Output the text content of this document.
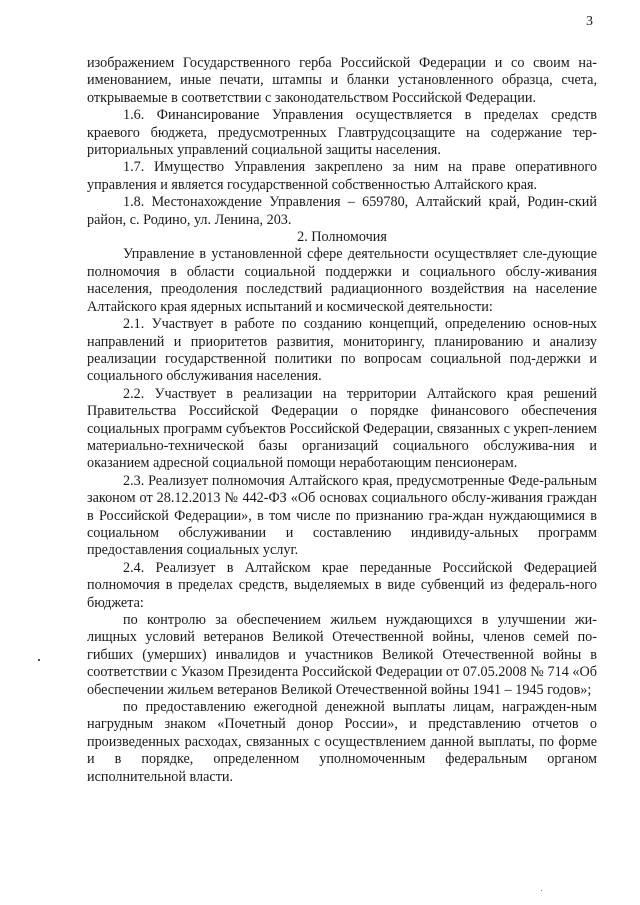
3

изображением Государственного герба Российской Федерации и со своим на-именованием, иные печати, штампы и бланки установленного образца, счета, открываемые в соответствии с законодательством Российской Федерации.

1.6. Финансирование Управления осуществляется в пределах средств краевого бюджета, предусмотренных Главтрудсоцзащите на содержание тер-риториальных управлений социальной защиты населения.

1.7. Имущество Управления закреплено за ним на праве оперативного управления и является государственной собственностью Алтайского края.

1.8. Местонахождение Управления – 659780, Алтайский край, Родин-ский район, с. Родино, ул. Ленина, 203.

2. Полномочия

Управление в установленной сфере деятельности осуществляет сле-дующие полномочия в области социальной поддержки и социального обслу-живания населения, преодоления последствий радиационного воздействия на население Алтайского края ядерных испытаний и космической деятельности:

2.1. Участвует в работе по созданию концепций, определению основ-ных направлений и приоритетов развития, мониторингу, планированию и анализу реализации государственной политики по вопросам социальной под-держки и социального обслуживания населения.

2.2. Участвует в реализации на территории Алтайского края решений Правительства Российской Федерации о порядке финансового обеспечения социальных программ субъектов Российской Федерации, связанных с укреп-лением материально-технической базы организаций социального обслужива-ния и оказанием адресной социальной помощи неработающим пенсионерам.

2.3. Реализует полномочия Алтайского края, предусмотренные Феде-ральным законом от 28.12.2013 № 442-ФЗ «Об основах социального обслу-живания граждан в Российской Федерации», в том числе по признанию гра-ждан нуждающимися в социальном обслуживании и составлению индивиду-альных программ предоставления социальных услуг.

2.4. Реализует в Алтайском крае переданные Российской Федерацией полномочия в пределах средств, выделяемых в виде субвенций из федераль-ного бюджета:

по контролю за обеспечением жильем нуждающихся в улучшении жи-лищных условий ветеранов Великой Отечественной войны, членов семей по-гибших (умерших) инвалидов и участников Великой Отечественной войны в соответствии с Указом Президента Российской Федерации от 07.05.2008 № 714 «Об обеспечении жильем ветеранов Великой Отечественной войны 1941 – 1945 годов»;

по предоставлению ежегодной денежной выплаты лицам, награжден-ным нагрудным знаком «Почетный донор России», и представлению отчетов о произведенных расходах, связанных с осуществлением данной выплаты, по форме и в порядке, определенном уполномоченным федеральным органом исполнительной власти.
